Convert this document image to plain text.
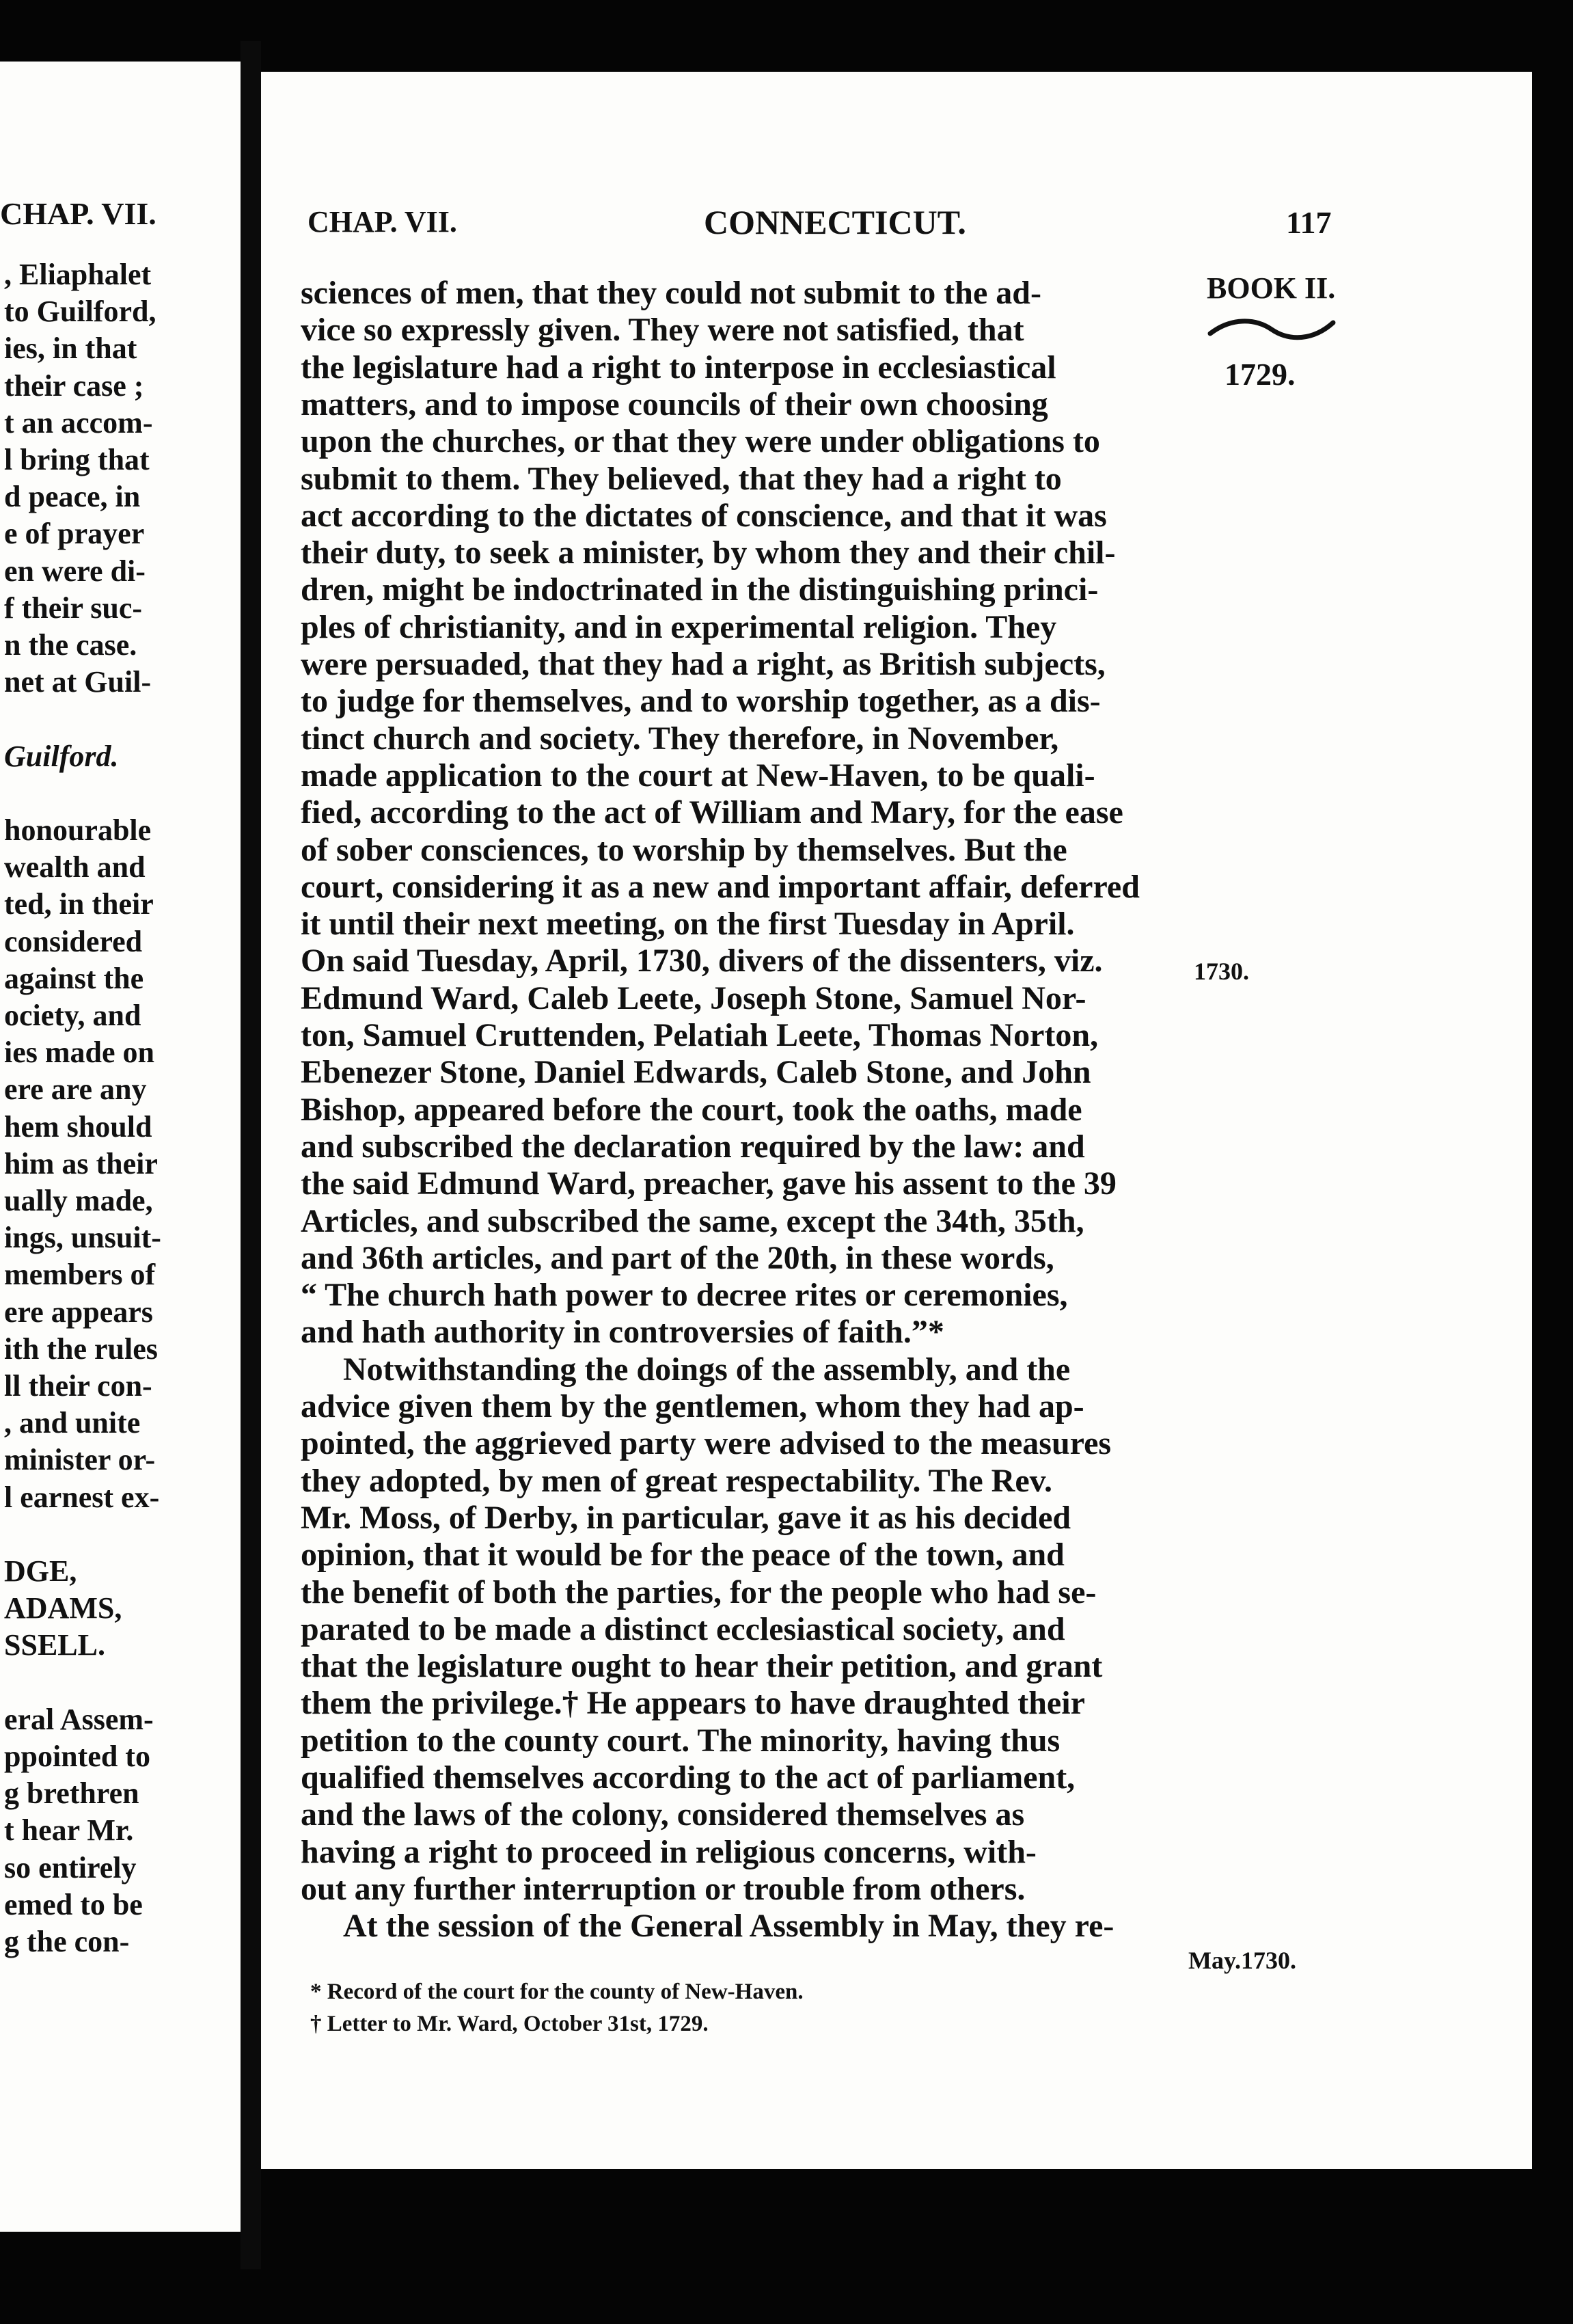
CHAP. VII.
, Eliaphalet
to Guilford,
ies, in that
their case ;
t an accom-
l bring that
d peace, in
e of prayer
en were di-
f their suc-
n the case.
net at Guil-
Guilford.
honourable
wealth and
ted, in their
considered
against the
ociety, and
ies made on
ere are any
hem should
him as their
ually made,
ings, unsuit-
members of
ere appears
ith the rules
ll their con-
, and unite
minister or-
l earnest ex-
DGE,
ADAMS,
SSELL.
eral Assem-
ppointed to
g brethren
t hear Mr.
so entirely
emed to be
g the con-
CHAP. VII.	CONNECTICUT.	117
BOOK II.
1729.
1730.
May.1730.
sciences of men, that they could not submit to the ad-
vice so expressly given. They were not satisfied, that
the legislature had a right to interpose in ecclesiastical
matters, and to impose councils of their own choosing
upon the churches, or that they were under obligations to
submit to them. They believed, that they had a right to
act according to the dictates of conscience, and that it was
their duty, to seek a minister, by whom they and their chil-
dren, might be indoctrinated in the distinguishing princi-
ples of christianity, and in experimental religion. They
were persuaded, that they had a right, as British subjects,
to judge for themselves, and to worship together, as a dis-
tinct church and society. They therefore, in November,
made application to the court at New-Haven, to be quali-
fied, according to the act of William and Mary, for the ease
of sober consciences, to worship by themselves. But the
court, considering it as a new and important affair, deferred
it until their next meeting, on the first Tuesday in April.
On said Tuesday, April, 1730, divers of the dissenters, viz.
Edmund Ward, Caleb Leete, Joseph Stone, Samuel Nor-
ton, Samuel Cruttenden, Pelatiah Leete, Thomas Norton,
Ebenezer Stone, Daniel Edwards, Caleb Stone, and John
Bishop, appeared before the court, took the oaths, made
and subscribed the declaration required by the law: and
the said Edmund Ward, preacher, gave his assent to the 39
Articles, and subscribed the same, except the 34th, 35th,
and 36th articles, and part of the 20th, in these words,
“ The church hath power to decree rites or ceremonies,
and hath authority in controversies of faith.”*
Notwithstanding the doings of the assembly, and the
advice given them by the gentlemen, whom they had ap-
pointed, the aggrieved party were advised to the measures
they adopted, by men of great respectability. The Rev.
Mr. Moss, of Derby, in particular, gave it as his decided
opinion, that it would be for the peace of the town, and
the benefit of both the parties, for the people who had se-
parated to be made a distinct ecclesiastical society, and
that the legislature ought to hear their petition, and grant
them the privilege.† He appears to have draughted their
petition to the county court. The minority, having thus
qualified themselves according to the act of parliament,
and the laws of the colony, considered themselves as
having a right to proceed in religious concerns, with-
out any further interruption or trouble from others.
At the session of the General Assembly in May, they re-
* Record of the court for the county of New-Haven.
† Letter to Mr. Ward, October 31st, 1729.
